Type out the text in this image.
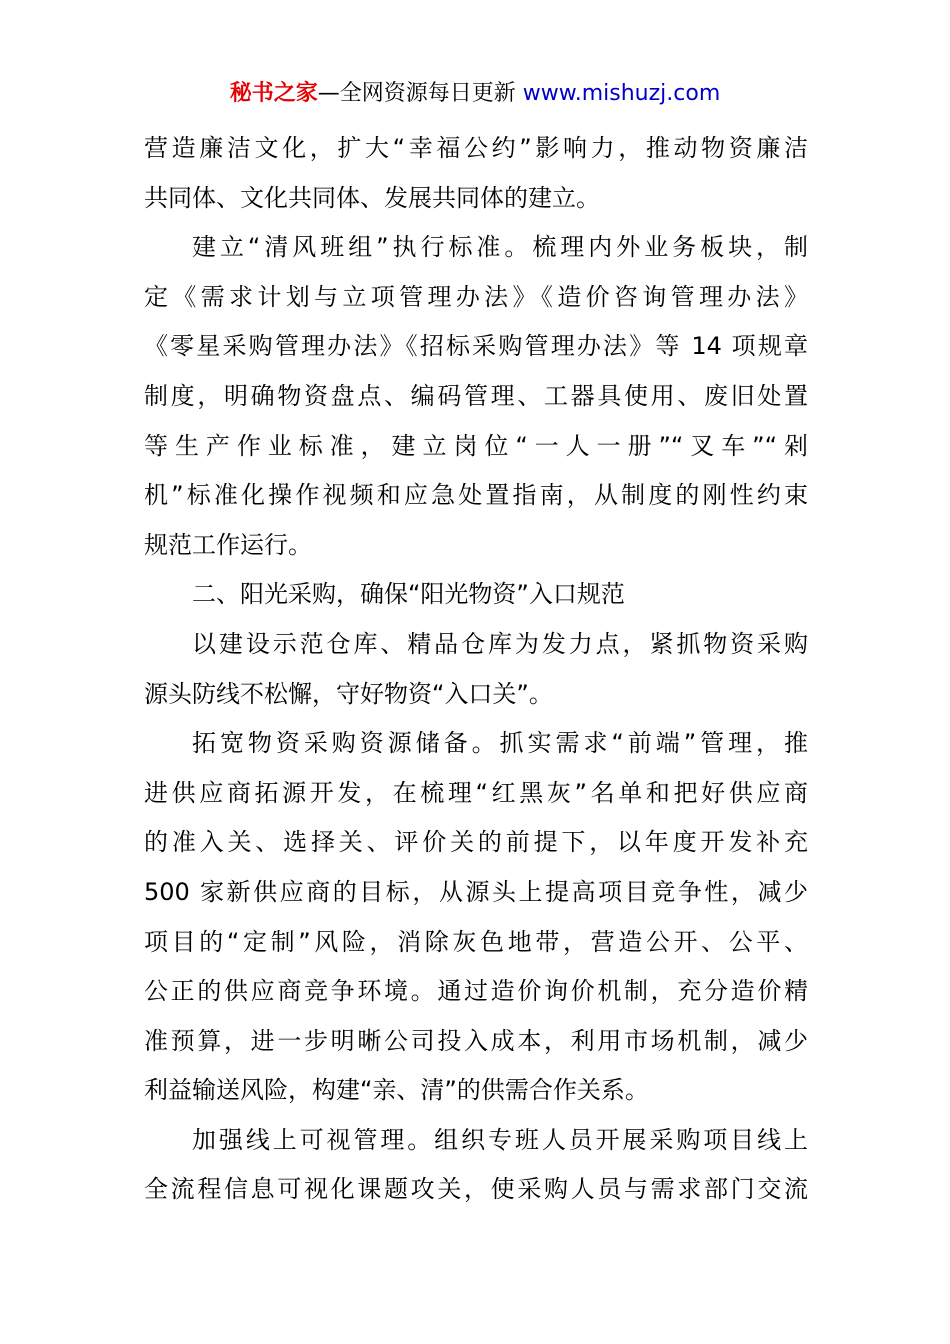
秘书之家—全网资源每日更新 www.mishuzj.com
营造廉洁文化，扩大“幸福公约”影响力，推动物资廉洁
共同体、文化共同体、发展共同体的建立。
建立“清风班组”执行标准。梳理内外业务板块，制
定《需求计划与立项管理办法》《造价咨询管理办法》
《零星采购管理办法》《招标采购管理办法》等 14 项规章
制度，明确物资盘点、编码管理、工器具使用、废旧处置
等生产作业标准，建立岗位“一人一册”“叉车”“剁
机”标准化操作视频和应急处置指南，从制度的刚性约束
规范工作运行。
二、阳光采购，确保“阳光物资”入口规范
以建设示范仓库、精品仓库为发力点，紧抓物资采购
源头防线不松懈，守好物资“入口关”。
拓宽物资采购资源储备。抓实需求“前端”管理，推
进供应商拓源开发，在梳理“红黑灰”名单和把好供应商
的准入关、选择关、评价关的前提下，以年度开发补充
500 家新供应商的目标，从源头上提高项目竞争性，减少
项目的“定制”风险，消除灰色地带，营造公开、公平、
公正的供应商竞争环境。通过造价询价机制，充分造价精
准预算，进一步明晰公司投入成本，利用市场机制，减少
利益输送风险，构建“亲、清”的供需合作关系。
加强线上可视管理。组织专班人员开展采购项目线上
全流程信息可视化课题攻关，使采购人员与需求部门交流
